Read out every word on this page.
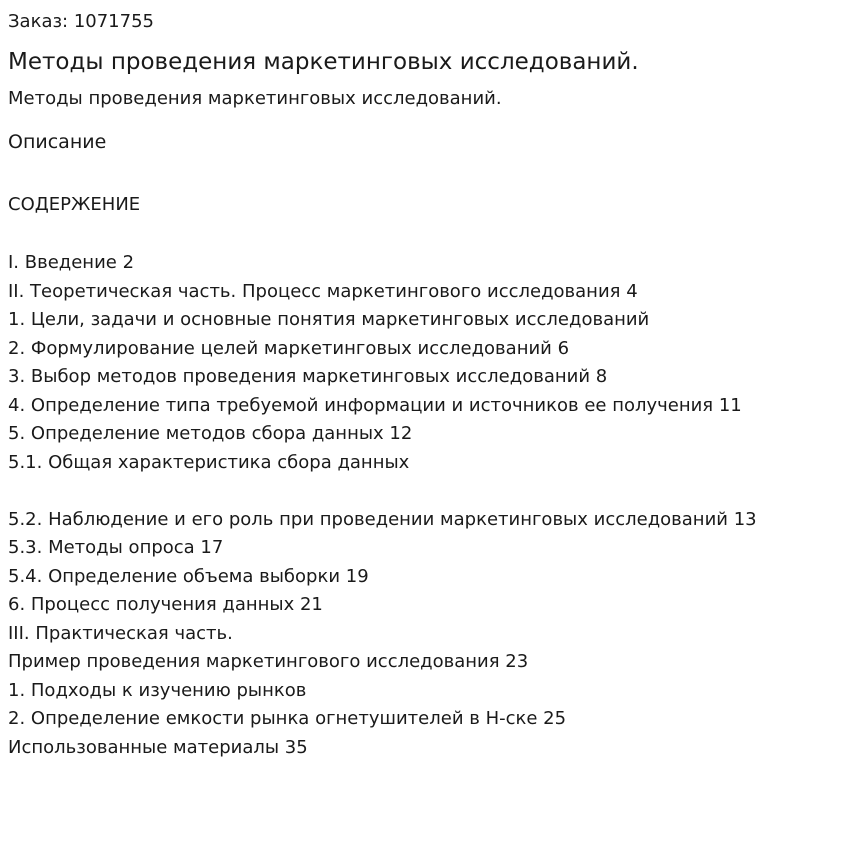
Заказ: 1071755
Методы проведения маркетинговых исследований.
Методы проведения маркетинговых исследований.
Описание
СОДЕРЖЕНИЕ
I. Введение 2
II. Теоретическая часть. Процесс маркетингового исследования 4
1. Цели, задачи и основные понятия маркетинговых исследований
2. Формулирование целей маркетинговых исследований 6
3. Выбор методов проведения маркетинговых исследований 8
4. Определение типа требуемой информации и источников ее получения 11
5. Определение методов сбора данных 12
5.1. Общая характеристика сбора данных
5.2. Наблюдение и его роль при проведении маркетинговых исследований 13
5.3. Методы опроса 17
5.4. Определение объема выборки 19
6. Процесс получения данных 21
III. Практическая часть.
Пример проведения маркетингового исследования 23
1. Подходы к изучению рынков
2. Определение емкости рынка огнетушителей в Н-ске 25
Использованные материалы 35
